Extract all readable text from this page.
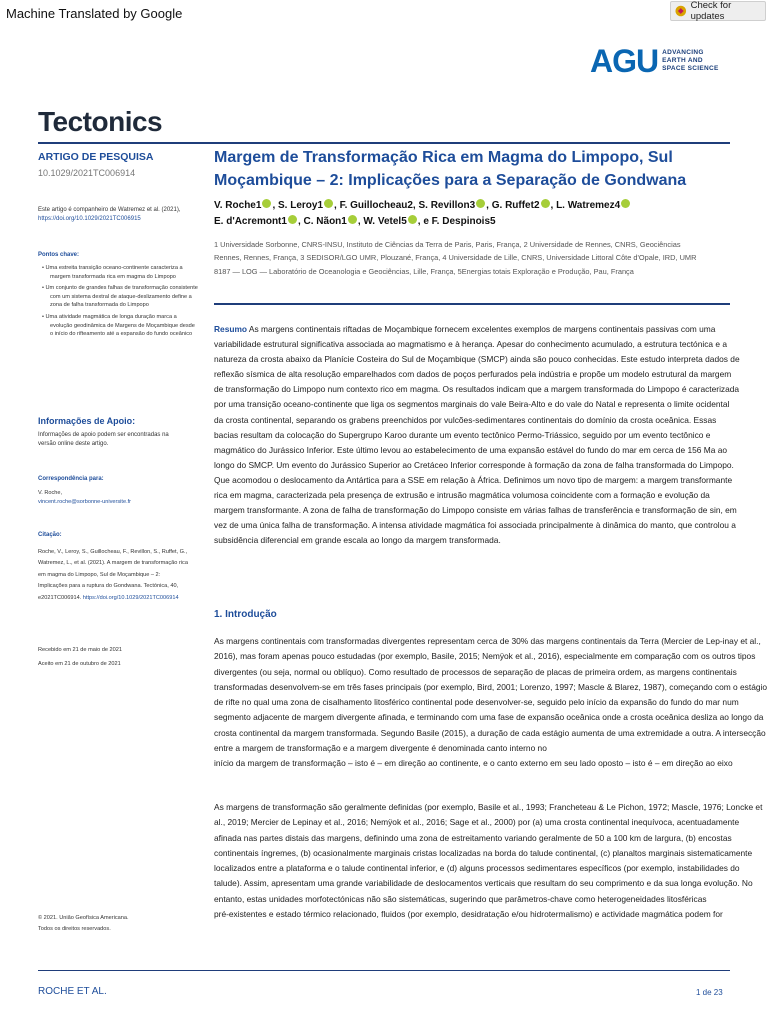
Machine Translated by Google
Check for updates
AGU ADVANCING
EARTH AND
SPACE SCIENCE
Tectonics
ARTIGO DE PESQUISA
10.1029/2021TC006914
Este artigo é companheiro de Watremez et al. (2021), https://doi.org/10.1029/2021TC006915
Pontos chave:
• Uma estreita transição oceano-continente caracteriza a margem transformada rica em magma do Limpopo
• Um conjunto de grandes falhas de transformação consistente com um sistema dextral de ataque-deslizamento define a zona de falha transformada do Limpopo
• Uma atividade magmática de longa duração marca a evolução geodinâmica de Margens de Moçambique desde o início do rifteamento até a expansão do fundo oceânico
Informações de Apoio:
Informações de apoio podem ser encontradas na versão online deste artigo.
Correspondência para:
V. Roche,
vincent.roche@sorbonne-universite.fr
Citação:
Roche, V., Leroy, S., Guillocheau, F., Revillon, S., Ruffet, G., Watremez, L., et al. (2021). A margem de transformação rica em magma do Limpopo, Sul de Moçambique – 2: Implicações para a ruptura do Gondwana. Tectónica, 40, e2021TC006914. https://doi.org/10.1029/2021TC006914
Recebido em 21 de maio de 2021
Aceito em 21 de outubro de 2021
© 2021. União Geofísica Americana.
Todos os direitos reservados.
Margem de Transformação Rica em Magma do Limpopo, Sul Moçambique – 2: Implicações para a Separação de Gondwana
V. Roche1 , S. Leroy1 , F. Guillocheau2, S. Revillon3 , G. Ruffet2 , L. Watremez4
E. d'Acremont1 , C. Nãon1 , W. Vetel5 , e F. Despinois5
1 Universidade Sorbonne, CNRS-INSU, Instituto de Ciências da Terra de Paris, Paris, França, 2 Universidade de Rennes, CNRS, Geociências Rennes, Rennes, França, 3 SEDISOR/LGO UMR, Plouzané, França, 4 Universidade de Lille, CNRS, Universidade Littoral Côte d'Opale, IRD, UMR 8187 — LOG — Laboratório de Oceanologia e Geociências, Lille, França, 5Energias totais Exploração e Produção, Pau, França
Resumo As margens continentais riftadas de Moçambique fornecem excelentes exemplos de margens continentais passivas com uma variabilidade estrutural significativa associada ao magmatismo e à herança. Apesar do conhecimento acumulado, a estrutura tectónica e a natureza da crosta abaixo da Planície Costeira do Sul de Moçambique (SMCP) ainda são pouco conhecidas. Este estudo interpreta dados de reflexão sísmica de alta resolução emparelhados com dados de poços perfurados pela indústria e propõe um modelo estrutural da margem de transformação do Limpopo num contexto rico em magma. Os resultados indicam que a margem transformada do Limpopo é caracterizada por uma transição oceano-continente que liga os segmentos marginais do vale Beira-Alto e do vale do Natal e representa o limite ocidental da crosta continental, separando os grabens preenchidos por vulcões-sedimentares continentais do domínio da crosta oceânica. Essas bacias resultam da colocação do Supergrupo Karoo durante um evento tectônico Permo-Triássico, seguido por um evento tectônico e magmático do Jurássico Inferior. Este último levou ao estabelecimento de uma expansão estável do fundo do mar em cerca de 156 Ma ao longo do SMCP. Um evento do Jurássico Superior ao Cretáceo Inferior corresponde à formação da zona de falha transformada do Limpopo. Que acomodou o deslocamento da Antártica para a SSE em relação à África. Definimos um novo tipo de margem: a margem transformante rica em magma, caracterizada pela presença de extrusão e intrusão magmática volumosa coincidente com a formação e evolução da margem transformante. A zona de falha de transformação do Limpopo consiste em várias falhas de transferência e transformação de sin, em vez de uma única falha de transformação. A intensa atividade magmática foi associada principalmente à dinâmica do manto, que controlou a subsidência diferencial em grande escala ao longo da margem transformada.
1. Introdução
As margens continentais com transformadas divergentes representam cerca de 30% das margens continentais da Terra (Mercier de Lep-inay et al., 2016), mas foram apenas pouco estudadas (por exemplo, Basile, 2015; Nemÿok et al., 2016), especialmente em comparação com os outros tipos divergentes (ou seja, normal ou oblíquo). Como resultado de processos de separação de placas de primeira ordem, as margens continentais transformadas desenvolvem-se em três fases principais (por exemplo, Bird, 2001; Lorenzo, 1997; Mascle & Blarez, 1987), começando com o estágio de rifte no qual uma zona de cisalhamento litosférico continental pode desenvolver-se, seguido pelo início da expansão do fundo do mar num segmento adjacente de margem divergente afinada, e terminando com uma fase de expansão oceânica onde a crosta oceânica desliza ao longo da crosta continental da margem transformada. Segundo Basile (2015), a duração de cada estágio aumenta de uma extremidade a outra. A intersecção entre a margem de transformação e a margem divergente é denominada canto interno no
início da margem de transformação – isto é – em direção ao continente, e o canto externo em seu lado oposto – isto é – em direção ao eixo
As margens de transformação são geralmente definidas (por exemplo, Basile et al., 1993; Francheteau & Le Pichon, 1972; Mascle, 1976; Loncke et al., 2019; Mercier de Lepinay et al., 2016; Nemÿok et al., 2016; Sage et al., 2000) por (a) uma crosta continental inequívoca, acentuadamente afinada nas partes distais das margens, definindo uma zona de estreitamento variando geralmente de 50 a 100 km de largura, (b) encostas continentais íngremes, (b) ocasionalmente marginais cristas localizadas na borda do talude continental, (c) planaltos marginais sistematicamente localizados entre a plataforma e o talude continental inferior, e (d) alguns processos sedimentares específicos (por exemplo, instabilidades do talude). Assim, apresentam uma grande variabilidade de deslocamentos verticais que resultam do seu comprimento e da sua longa evolução. No entanto, estas unidades morfotectónicas não são sistemáticas, sugerindo que parâmetros-chave como heterogeneidades litosféricas
pré-existentes e estado térmico relacionado, fluidos (por exemplo, desidratação e/ou hidrotermalismo) e actividade magmática podem for
ROCHE ET AL.	1 de 23
